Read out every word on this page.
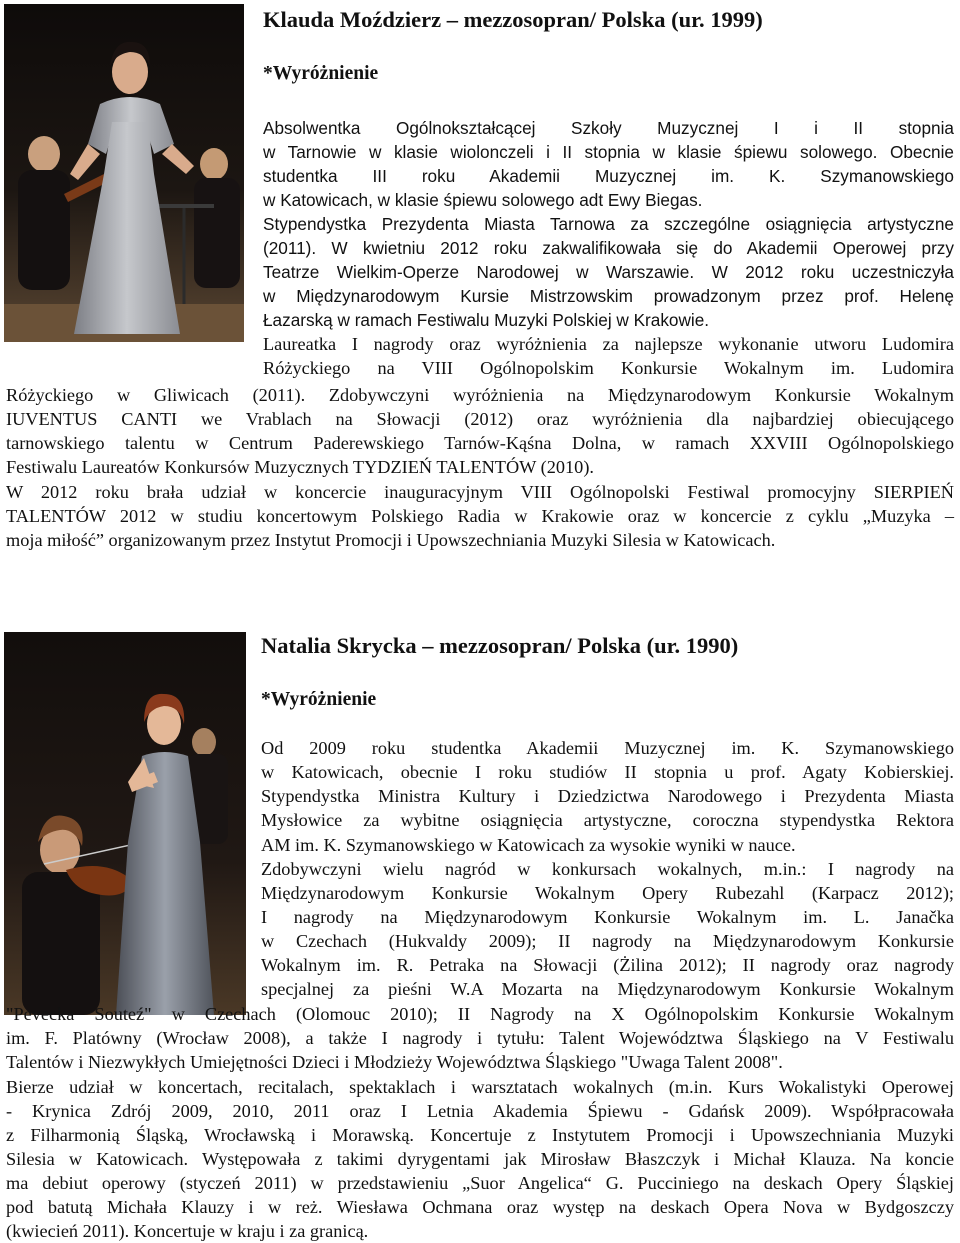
Klauda Moździerz – mezzosopran/ Polska (ur. 1999)
*Wyróżnienie
Absolwentka Ogólnokształcącej Szkoły Muzycznej I i II stopnia
w Tarnowie w klasie wiolonczeli i II stopnia w klasie śpiewu solowego. Obecnie
studentka III roku Akademii Muzycznej im. K. Szymanowskiego
w Katowicach, w klasie śpiewu solowego adt Ewy Biegas.
Stypendystka Prezydenta Miasta Tarnowa za szczególne osiągnięcia artystyczne
(2011). W kwietniu 2012 roku zakwalifikowała się do Akademii Operowej przy
Teatrze Wielkim-Operze Narodowej w Warszawie. W 2012 roku uczestniczyła
w Międzynarodowym Kursie Mistrzowskim prowadzonym przez prof. Helenę
Łazarską w ramach Festiwalu Muzyki Polskiej w Krakowie.
Laureatka I nagrody oraz wyróżnienia za najlepsze wykonanie utworu Ludomira
Różyckiego na VIII Ogólnopolskim Konkursie Wokalnym im. Ludomira
Różyckiego w Gliwicach (2011). Zdobywczyni wyróżnienia na Międzynarodowym Konkursie Wokalnym
IUVENTUS CANTI we Vrablach na Słowacji (2012) oraz wyróżnienia dla najbardziej obiecującego
tarnowskiego talentu w Centrum Paderewskiego Tarnów-Kąśna Dolna, w ramach XXVIII Ogólnopolskiego
Festiwalu Laureatów Konkursów Muzycznych TYDZIEŃ TALENTÓW (2010).
W 2012 roku brała udział w koncercie inauguracyjnym VIII Ogólnopolski Festiwal promocyjny SIERPIEŃ
TALENTÓW 2012 w studiu koncertowym Polskiego Radia w Krakowie oraz w koncercie z cyklu „Muzyka –
moja miłość” organizowanym przez Instytut Promocji i Upowszechniania Muzyki Silesia w Katowicach.
Natalia Skrycka – mezzosopran/ Polska (ur. 1990)
*Wyróżnienie
Od 2009 roku studentka Akademii Muzycznej im. K. Szymanowskiego
w Katowicach, obecnie I roku studiów II stopnia u prof. Agaty Kobierskiej.
Stypendystka Ministra Kultury i Dziedzictwa Narodowego i Prezydenta Miasta
Mysłowice za wybitne osiągnięcia artystyczne, coroczna stypendystka Rektora
AM im. K. Szymanowskiego w Katowicach za wysokie wyniki w nauce.
Zdobywczyni wielu nagród w konkursach wokalnych, m.in.: I nagrody na
Międzynarodowym Konkursie Wokalnym Opery Rubezahl (Karpacz 2012);
I nagrody na Międzynarodowym Konkursie Wokalnym im. L. Janačka
w Czechach (Hukvaldy 2009); II nagrody na Międzynarodowym Konkursie
Wokalnym im. R. Petraka na Słowacji (Żilina 2012); II nagrody oraz nagrody
specjalnej za pieśni W.A Mozarta na Międzynarodowym Konkursie Wokalnym
"Pevecka Souteź" w Czechach (Olomouc 2010); II Nagrody na X Ogólnopolskim Konkursie Wokalnym
im. F. Platówny (Wrocław 2008), a także I nagrody i tytułu: Talent Województwa Śląskiego na V Festiwalu
Talentów i Niezwykłych Umiejętności Dzieci i Młodzieży Województwa Śląskiego "Uwaga Talent 2008".
Bierze udział w koncertach, recitalach, spektaklach i warsztatach wokalnych (m.in. Kurs Wokalistyki Operowej
- Krynica Zdrój 2009, 2010, 2011 oraz I Letnia Akademia Śpiewu - Gdańsk 2009). Współpracowała
z Filharmonią Śląską, Wrocławską i Morawską. Koncertuje z Instytutem Promocji i Upowszechniania Muzyki
Silesia w Katowicach. Występowała z takimi dyrygentami jak Mirosław Błaszczyk i Michał Klauza. Na koncie
ma debiut operowy (styczeń 2011) w przedstawieniu „Suor Angelica“ G. Pucciniego na deskach Opery Śląskiej
pod batutą Michała Klauzy i w reż. Wiesława Ochmana oraz występ na deskach Opera Nova w Bydgoszczy
(kwiecień 2011). Koncertuje w kraju i za granicą.
